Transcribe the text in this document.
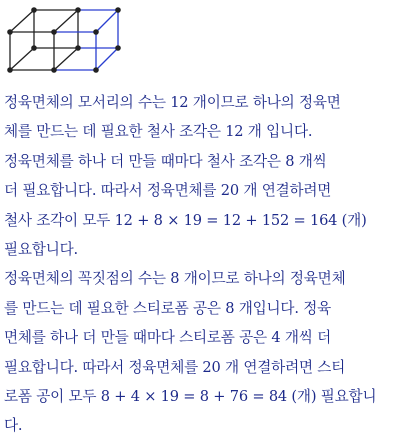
정육면체의 모서리의 수는 12 개이므로 하나의 정육면
체를 만드는 데 필요한 철사 조각은 12 개 입니다.
정육면체를 하나 더 만들 때마다 철사 조각은 8 개씩
더 필요합니다. 따라서 정육면체를 20 개 연결하려면
철사 조각이 모두 12 + 8 × 19 = 12 + 152 = 164 (개)
필요합니다.
정육면체의 꼭짓점의 수는 8 개이므로 하나의 정육면체
를 만드는 데 필요한 스티로폼 공은 8 개입니다. 정육
면체를 하나 더 만들 때마다 스티로폼 공은 4 개씩 더
필요합니다. 따라서 정육면체를 20 개 연결하려면 스티
로폼 공이 모두 8 + 4 × 19 = 8 + 76 = 84 (개) 필요합니
다.
